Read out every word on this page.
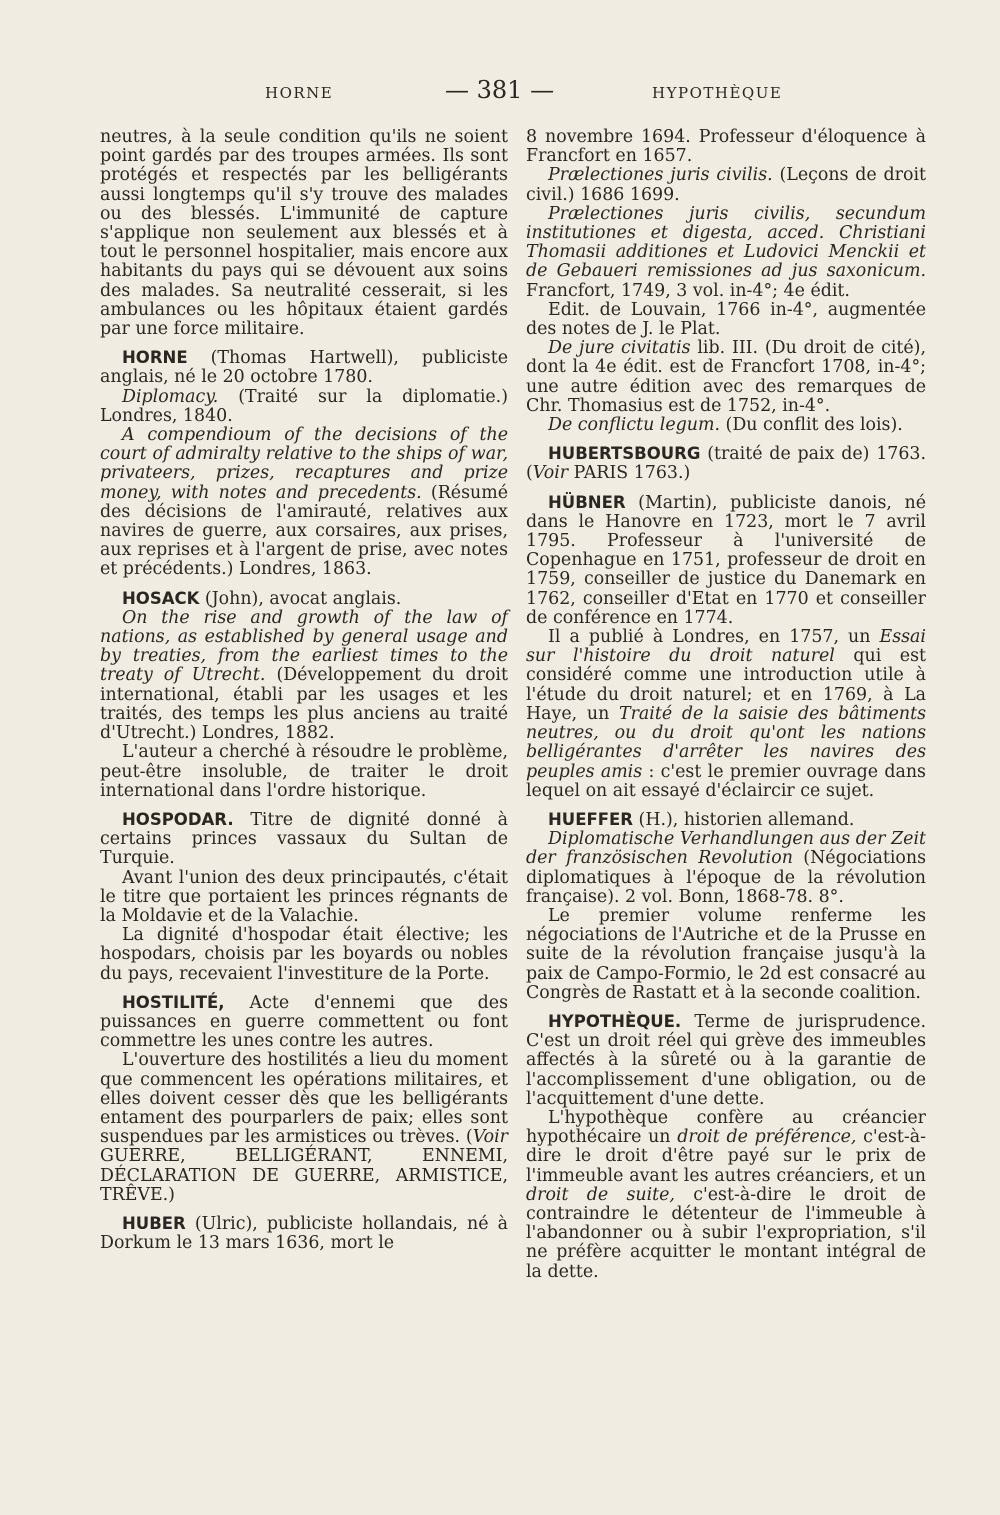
HORNE	— 381 —	HYPOTHÈQUE

neutres, à la seule condition qu'ils ne soient point gardés par des troupes armées. Ils sont protégés et respectés par les belligérants aussi longtemps qu'il s'y trouve des malades ou des blessés. L'immunité de capture s'applique non seulement aux blessés et à tout le personnel hospitalier, mais encore aux habitants du pays qui se dévouent aux soins des malades. Sa neutralité cesserait, si les ambulances ou les hôpitaux étaient gardés par une force militaire.

HORNE (Thomas Hartwell), publiciste anglais, né le 20 octobre 1780.

Diplomacy. (Traité sur la diplomatie.) Londres, 1840.

A compendioum of the decisions of the court of admiralty relative to the ships of war, privateers, prizes, recaptures and prize money, with notes and precedents. (Résumé des décisions de l'amirauté, relatives aux navires de guerre, aux corsaires, aux prises, aux reprises et à l'argent de prise, avec notes et précédents.) Londres, 1863.

HOSACK (John), avocat anglais.

On the rise and growth of the law of nations, as established by general usage and by treaties, from the earliest times to the treaty of Utrecht. (Développement du droit international, établi par les usages et les traités, des temps les plus anciens au traité d'Utrecht.) Londres, 1882.

L'auteur a cherché à résoudre le problème, peut-être insoluble, de traiter le droit international dans l'ordre historique.

HOSPODAR. Titre de dignité donné à certains princes vassaux du Sultan de Turquie.

Avant l'union des deux principautés, c'était le titre que portaient les princes régnants de la Moldavie et de la Valachie.

La dignité d'hospodar était élective; les hospodars, choisis par les boyards ou nobles du pays, recevaient l'investiture de la Porte.

HOSTILITÉ, Acte d'ennemi que des puissances en guerre commettent ou font commettre les unes contre les autres.

L'ouverture des hostilités a lieu du moment que commencent les opérations militaires, et elles doivent cesser dès que les belligérants entament des pourparlers de paix; elles sont suspendues par les armistices ou trèves. (Voir GUERRE, BELLIGÉRANT, ENNEMI, DÉCLARATION DE GUERRE, ARMISTICE, TRÊVE.)

HUBER (Ulric), publiciste hollandais, né à Dorkum le 13 mars 1636, mort le

8 novembre 1694. Professeur d'éloquence à Francfort en 1657.

Prælectiones juris civilis. (Leçons de droit civil.) 1686 1699.

Prælectiones juris civilis, secundum institutiones et digesta, acced. Christiani Thomasii additiones et Ludovici Menckii et de Gebaueri remissiones ad jus saxonicum. Francfort, 1749, 3 vol. in-4°; 4e édit.

Edit. de Louvain, 1766 in-4°, augmentée des notes de J. le Plat.

De jure civitatis lib. III. (Du droit de cité), dont la 4e édit. est de Francfort 1708, in-4°; une autre édition avec des remarques de Chr. Thomasius est de 1752, in-4°.

De conflictu legum. (Du conflit des lois).

HUBERTSBOURG (traité de paix de) 1763. (Voir PARIS 1763.)

HÜBNER (Martin), publiciste danois, né dans le Hanovre en 1723, mort le 7 avril 1795. Professeur à l'université de Copenhague en 1751, professeur de droit en 1759, conseiller de justice du Danemark en 1762, conseiller d'Etat en 1770 et conseiller de conférence en 1774.

Il a publié à Londres, en 1757, un Essai sur l'histoire du droit naturel qui est considéré comme une introduction utile à l'étude du droit naturel; et en 1769, à La Haye, un Traité de la saisie des bâtiments neutres, ou du droit qu'ont les nations belligérantes d'arrêter les navires des peuples amis : c'est le premier ouvrage dans lequel on ait essayé d'éclaircir ce sujet.

HUEFFER (H.), historien allemand.

Diplomatische Verhandlungen aus der Zeit der französischen Revolution (Négociations diplomatiques à l'époque de la révolution française). 2 vol. Bonn, 1868-78. 8°.

Le premier volume renferme les négociations de l'Autriche et de la Prusse en suite de la révolution française jusqu'à la paix de Campo-Formio, le 2d est consacré au Congrès de Rastatt et à la seconde coalition.

HYPOTHÈQUE. Terme de jurisprudence. C'est un droit réel qui grève des immeubles affectés à la sûreté ou à la garantie de l'accomplissement d'une obligation, ou de l'acquittement d'une dette.

L'hypothèque confère au créancier hypothécaire un droit de préférence, c'est-à-dire le droit d'être payé sur le prix de l'immeuble avant les autres créanciers, et un droit de suite, c'est-à-dire le droit de contraindre le détenteur de l'immeuble à l'abandonner ou à subir l'expropriation, s'il ne préfère acquitter le montant intégral de la dette.
